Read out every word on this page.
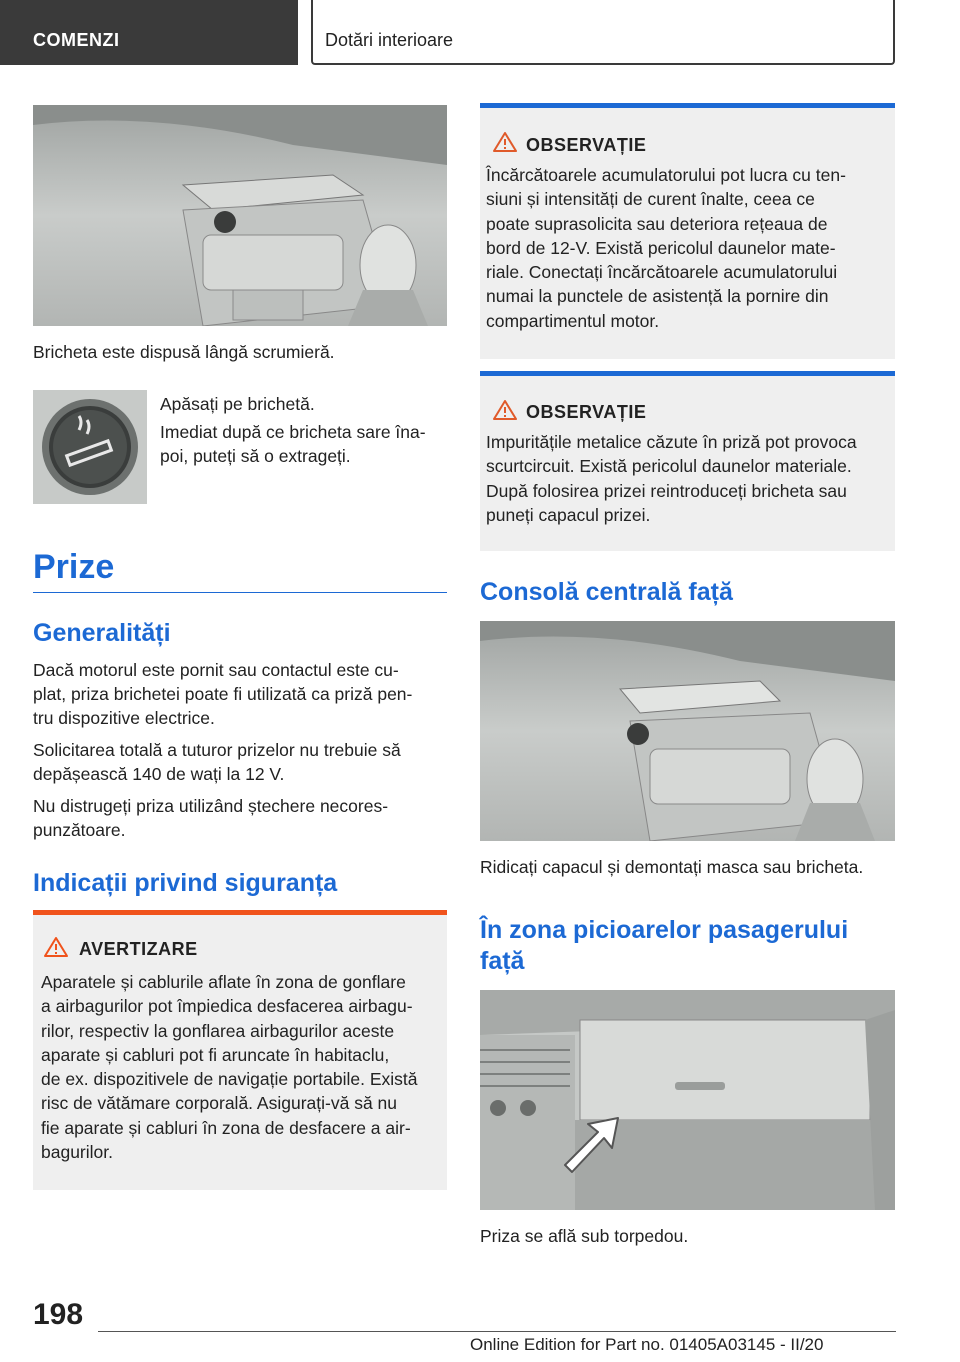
COMENZI	Dotări interioare
Bricheta este dispusă lângă scrumieră.
Apăsați pe brichetă.
Imediat după ce bricheta sare îna-
poi, puteți să o extrageți.
Prize
Generalități
Dacă motorul este pornit sau contactul este cu-
plat, priza brichetei poate fi utilizată ca priză pen-
tru dispozitive electrice.
Solicitarea totală a tuturor prizelor nu trebuie să
depășească 140 de wați la 12 V.
Nu distrugeți priza utilizând ștechere necores-
punzătoare.
Indicații privind siguranța
AVERTIZARE
Aparatele și cablurile aflate în zona de gonflare
a airbagurilor pot împiedica desfacerea airbagu-
rilor, respectiv la gonflarea airbagurilor aceste
aparate și cabluri pot fi aruncate în habitaclu,
de ex. dispozitivele de navigație portabile. Există
risc de vătămare corporală. Asigurați-vă să nu
fie aparate și cabluri în zona de desfacere a air-
bagurilor.
OBSERVAȚIE
Încărcătoarele acumulatorului pot lucra cu ten-
siuni și intensități de curent înalte, ceea ce
poate suprasolicita sau deteriora rețeaua de
bord de 12-V. Există pericolul daunelor mate-
riale. Conectați încărcătoarele acumulatorului
numai la punctele de asistență la pornire din
compartimentul motor.
OBSERVAȚIE
Impuritățile metalice căzute în priză pot provoca
scurtcircuit. Există pericolul daunelor materiale.
După folosirea prizei reintroduceți bricheta sau
puneți capacul prizei.
Consolă centrală față
Ridicați capacul și demontați masca sau bricheta.
În zona picioarelor pasagerului
față
Priza se află sub torpedou.
198
Online Edition for Part no. 01405A03145 - II/20
